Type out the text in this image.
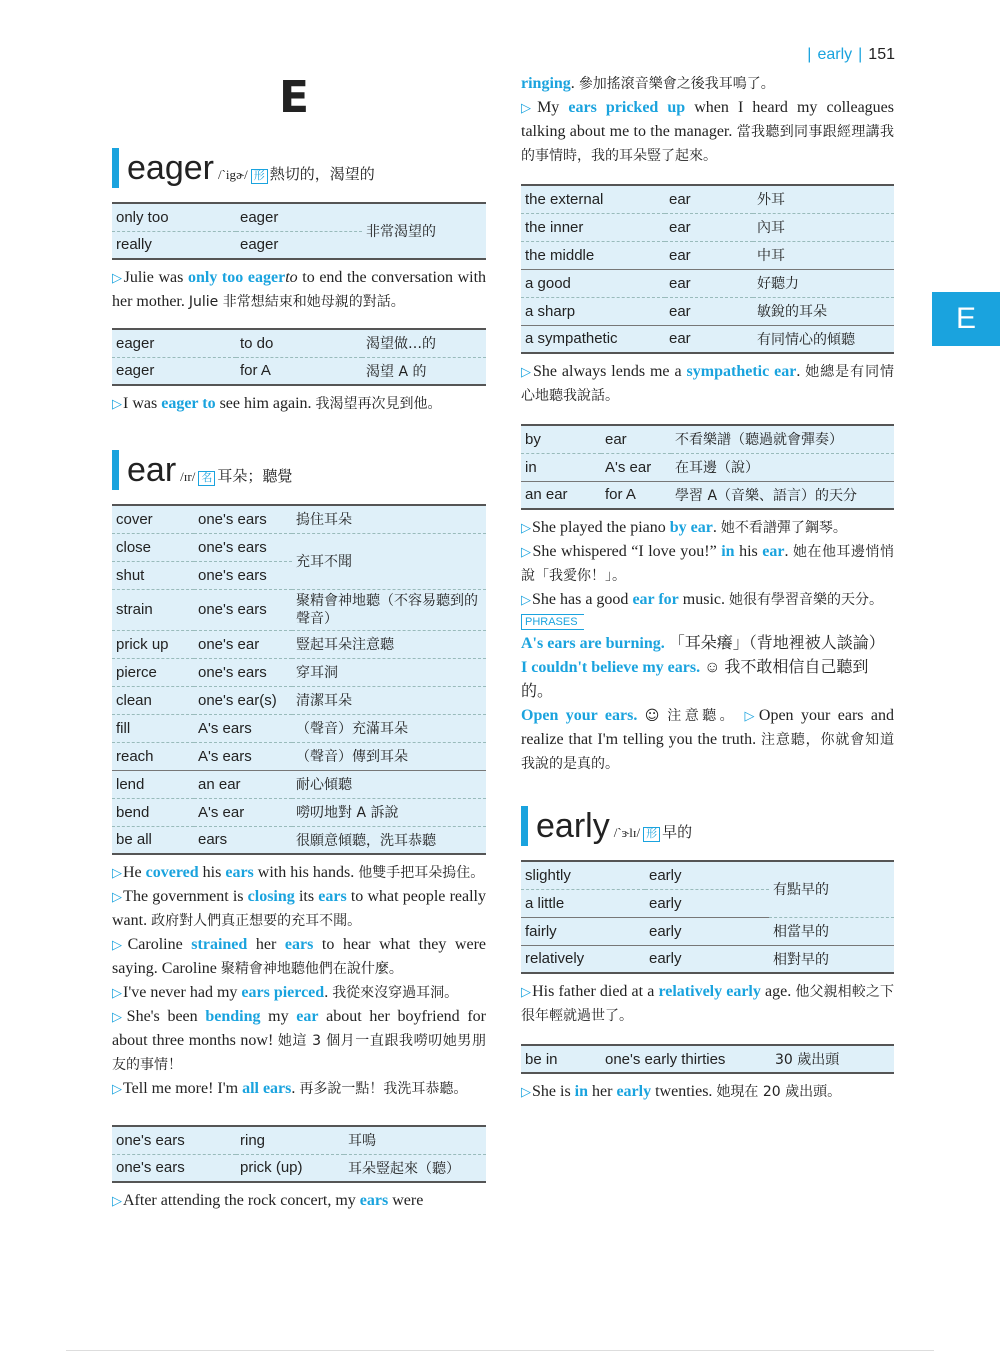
| early | 151
E
E
eager /ˋigɚ/ 形 熱切的，渴望的
only too	eager	非常渴望的
really	eager	

▷Julie was only too eagerto to end the conversation with her mother. Julie 非常想結束和她母親的對話。

eager	to do	渴望做…的
eager	for A	渴望 A 的

▷I was eager to see him again. 我渴望再次見到他。

ear /ɪr/ 名 耳朵；聽覺
cover	one's ears	摀住耳朵
close	one's ears	充耳不聞
shut	one's ears	
strain	one's ears	聚精會神地聽（不容易聽到的聲音）
prick up	one's ear	豎起耳朵注意聽
pierce	one's ears	穿耳洞
clean	one's ear(s)	清潔耳朵
fill	A's ears	（聲音）充滿耳朵
reach	A's ears	（聲音）傳到耳朵
lend	an ear	耐心傾聽
bend	A's ear	嘮叨地對 A 訴說
be all	ears	很願意傾聽，洗耳恭聽

▷He covered his ears with his hands. 他雙手把耳朵摀住。

▷The government is closing its ears to what people really want. 政府對人們真正想要的充耳不聞。

▷Caroline strained her ears to hear what they were saying. Caroline 聚精會神地聽他們在說什麼。

▷I've never had my ears pierced. 我從來沒穿過耳洞。

▷She's been bending my ear about her boyfriend for about three months now! 她這 3 個月一直跟我嘮叨她男朋友的事情！

▷Tell me more! I'm all ears. 再多說一點！我洗耳恭聽。

one's ears	ring	耳鳴
one's ears	prick (up)	耳朵豎起來（聽）

▷After attending the rock concert, my ears were

ringing. 參加搖滾音樂會之後我耳鳴了。

▷My ears pricked up when I heard my colleagues talking about me to the manager. 當我聽到同事跟經理講我的事情時，我的耳朵豎了起來。

the external	ear	外耳
the inner	ear	內耳
the middle	ear	中耳
a good	ear	好聽力
a sharp	ear	敏銳的耳朵
a sympathetic	ear	有同情心的傾聽

▷She always lends me a sympathetic ear. 她總是有同情心地聽我說話。

by	ear	不看樂譜（聽過就會彈奏）
in	A's ear	在耳邊（說）
an ear	for A	學習 A（音樂、語言）的天分

▷She played the piano by ear. 她不看譜彈了鋼琴。

▷She whispered “I love you!” in his ear. 她在他耳邊悄悄說「我愛你！」。

▷She has a good ear for music. 她很有學習音樂的天分。

PHRASES

A's ears are burning. 「耳朵癢」（背地裡被人談論）

I couldn't believe my ears. ☺ 我不敢相信自己聽到的。

Open your ears. ☺ 注意聽。 ▷Open your ears and realize that I'm telling you the truth. 注意聽，你就會知道我說的是真的。

early /ˋɝlɪ/ 形 早的
slightly	early	有點早的
a little	early	
fairly	early	相當早的
relatively	early	相對早的

▷His father died at a relatively early age. 他父親相較之下很年輕就過世了。

be in	one's early thirties	30 歲出頭

▷She is in her early twenties. 她現在 20 歲出頭。
